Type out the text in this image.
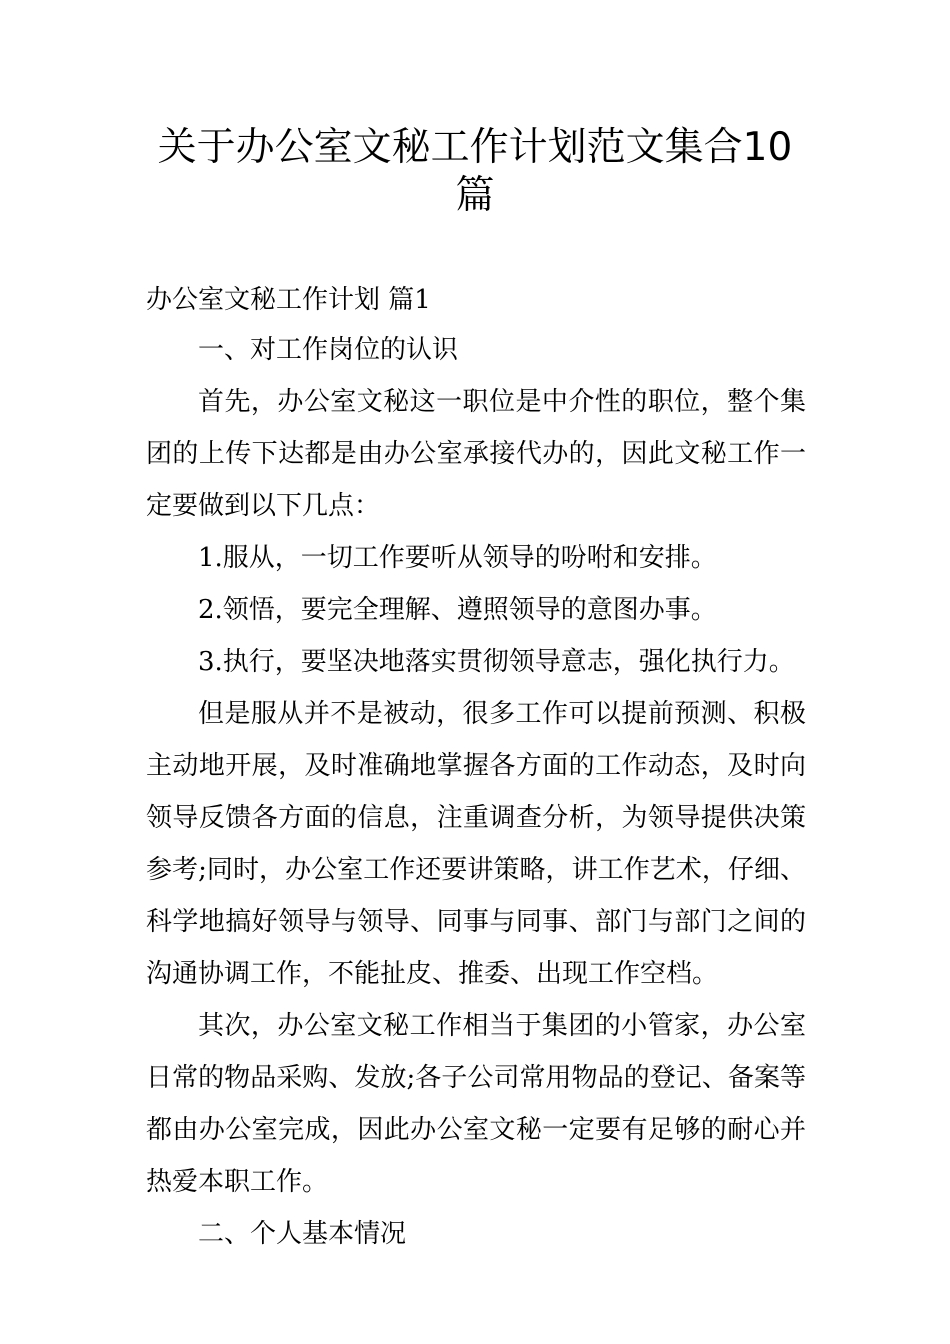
关于办公室文秘工作计划范文集合10篇
办公室文秘工作计划 篇1

一、对工作岗位的认识

首先，办公室文秘这一职位是中介性的职位，整个集团的上传下达都是由办公室承接代办的，因此文秘工作一定要做到以下几点：

1.服从，一切工作要听从领导的吩咐和安排。

2.领悟，要完全理解、遵照领导的意图办事。

3.执行，要坚决地落实贯彻领导意志，强化执行力。

但是服从并不是被动，很多工作可以提前预测、积极主动地开展，及时准确地掌握各方面的工作动态，及时向领导反馈各方面的信息，注重调查分析，为领导提供决策参考;同时，办公室工作还要讲策略，讲工作艺术，仔细、科学地搞好领导与领导、同事与同事、部门与部门之间的沟通协调工作，不能扯皮、推委、出现工作空档。

其次，办公室文秘工作相当于集团的小管家，办公室日常的物品采购、发放;各子公司常用物品的登记、备案等都由办公室完成，因此办公室文秘一定要有足够的耐心并热爱本职工作。

二、个人基本情况
